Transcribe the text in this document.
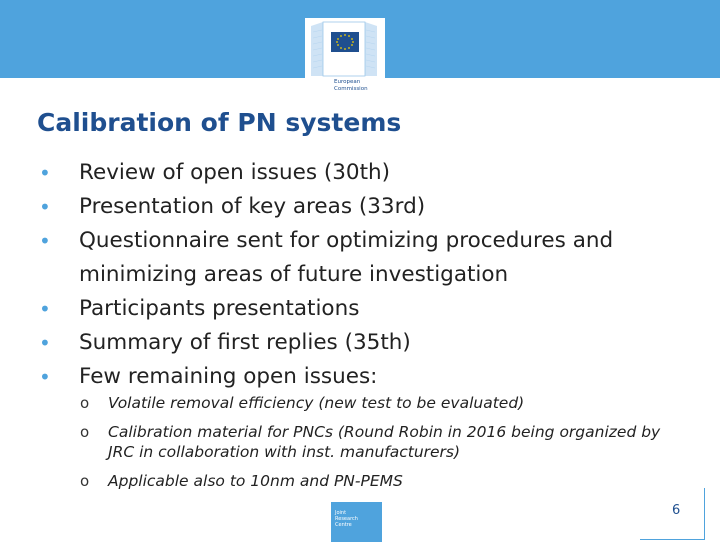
European
Commission
Calibration of PN systems
• Review of open issues (30th)
• Presentation of key areas (33rd)
• Questionnaire sent for optimizing procedures and minimizing areas of future investigation
• Participants presentations
• Summary of first replies (35th)
• Few remaining open issues:
o Volatile removal efficiency (new test to be evaluated)
o Calibration material for PNCs (Round Robin in 2016 being organized by JRC in collaboration with inst. manufacturers)
o Applicable also to 10nm and PN-PEMS
Joint
Research
Centre
6
